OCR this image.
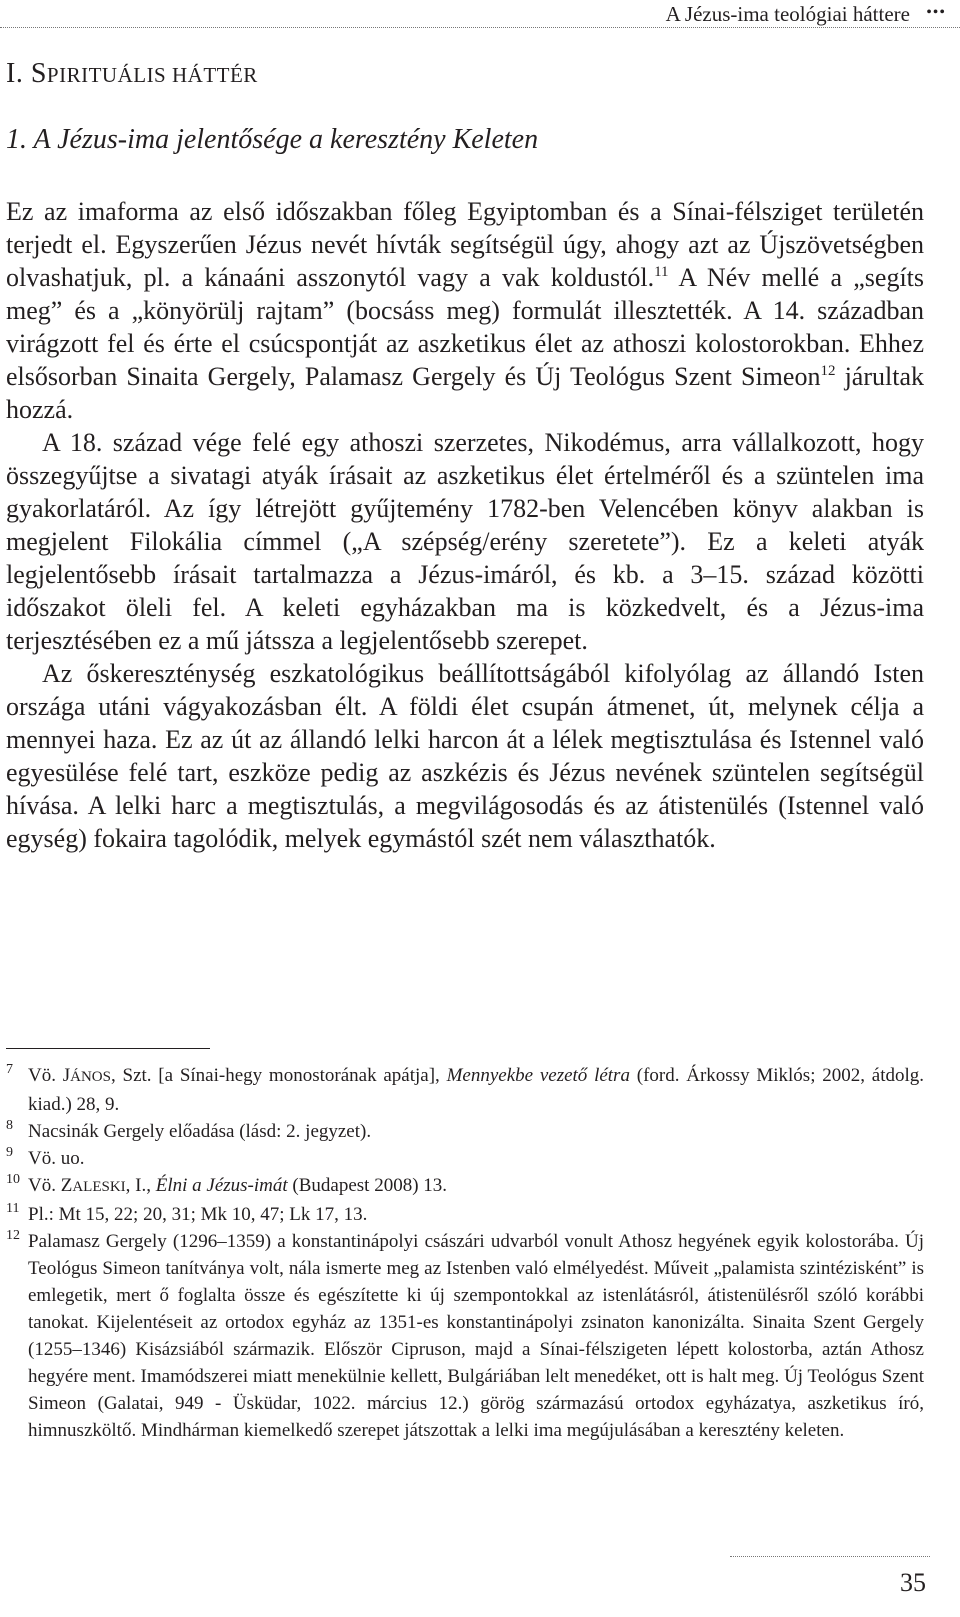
A Jézus-ima teológiai háttere •••
I. SPIRITUÁLIS HÁTTÉR
1. A Jézus-ima jelentősége a keresztény Keleten

Ez az imaforma az első időszakban főleg Egyiptomban és a Sínai-félsziget területén terjedt el. Egyszerűen Jézus nevét hívták segítségül úgy, ahogy azt az Újszövetségben olvashatjuk, pl. a kánaáni asszonytól vagy a vak koldustól.$^{11}$ A Név mellé a „segíts meg” és a „könyörülj rajtam” (bocsáss meg) formulát illesztették. A 14. században virágzott fel és érte el csúcspontját az aszketikus élet az athoszi kolostorokban. Ehhez elsősorban Sinaita Gergely, Palamasz Gergely és Új Teológus Szent Simeon$^{12}$ járultak hozzá.

A 18. század vége felé egy athoszi szerzetes, Nikodémus, arra vállalkozott, hogy összegyűjtse a sivatagi atyák írásait az aszketikus élet értelméről és a szüntelen ima gyakorlatáról. Az így létrejött gyűjtemény 1782-ben Velencében könyv alakban is megjelent Filokália címmel („A szépség/erény szeretete”). Ez a keleti atyák legjelentősebb írásait tartalmazza a Jézus-imáról, és kb. a 3–15. század közötti időszakot öleli fel. A keleti egyházakban ma is közkedvelt, és a Jézus-ima terjesztésében ez a mű játssza a legjelentősebb szerepet.

Az őskereszténység eszkatológikus beállítottságából kifolyólag az állandó Isten országa utáni vágyakozásban élt. A földi élet csupán átmenet, út, melynek célja a mennyei haza. Ez az út az állandó lelki harcon át a lélek megtisztulása és Istennel való egyesülése felé tart, eszköze pedig az aszkézis és Jézus nevének szüntelen segítségül hívása. A lelki harc a megtisztulás, a megvilágosodás és az átistenülés (Istennel való egység) fokaira tagolódik, melyek egymástól szét nem választhatók.

7 Vö. JÁNOS, Szt. [a Sínai-hegy monostorának apátja], Mennyekbe vezető létra (ford. Árkossy Miklós; 2002, átdolg. kiad.) 28, 9.
8 Nacsinák Gergely előadása (lásd: 2. jegyzet).
9 Vö. uo.
10 Vö. ZALESKI, I., Élni a Jézus-imát (Budapest 2008) 13.
11 Pl.: Mt 15, 22; 20, 31; Mk 10, 47; Lk 17, 13.
12 Palamasz Gergely (1296–1359) a konstantinápolyi császári udvarból vonult Athosz hegyének egyik kolostorába. Új Teológus Simeon tanítványa volt, nála ismerte meg az Istenben való elmélyedést. Műveit „palamista szintézisként” is emlegetik, mert ő foglalta össze és egészítette ki új szempontokkal az istenlátásról, átistenülésről szóló korábbi tanokat. Kijelentéseit az ortodox egyház az 1351-es konstantinápolyi zsinaton kanonizálta. Sinaita Szent Gergely (1255–1346) Kisázsiából származik. Először Cipruson, majd a Sínai-félszigeten lépett kolostorba, aztán Athosz hegyére ment. Imamódszerei miatt menekülnie kellett, Bulgáriában lelt menedéket, ott is halt meg. Új Teológus Szent Simeon (Galatai, 949 - Üsküdar, 1022. március 12.) görög származású ortodox egyházatya, aszketikus író, himnuszköltő. Mindhárman kiemelkedő szerepet játszottak a lelki ima megújulásában a keresztény keleten.
35
